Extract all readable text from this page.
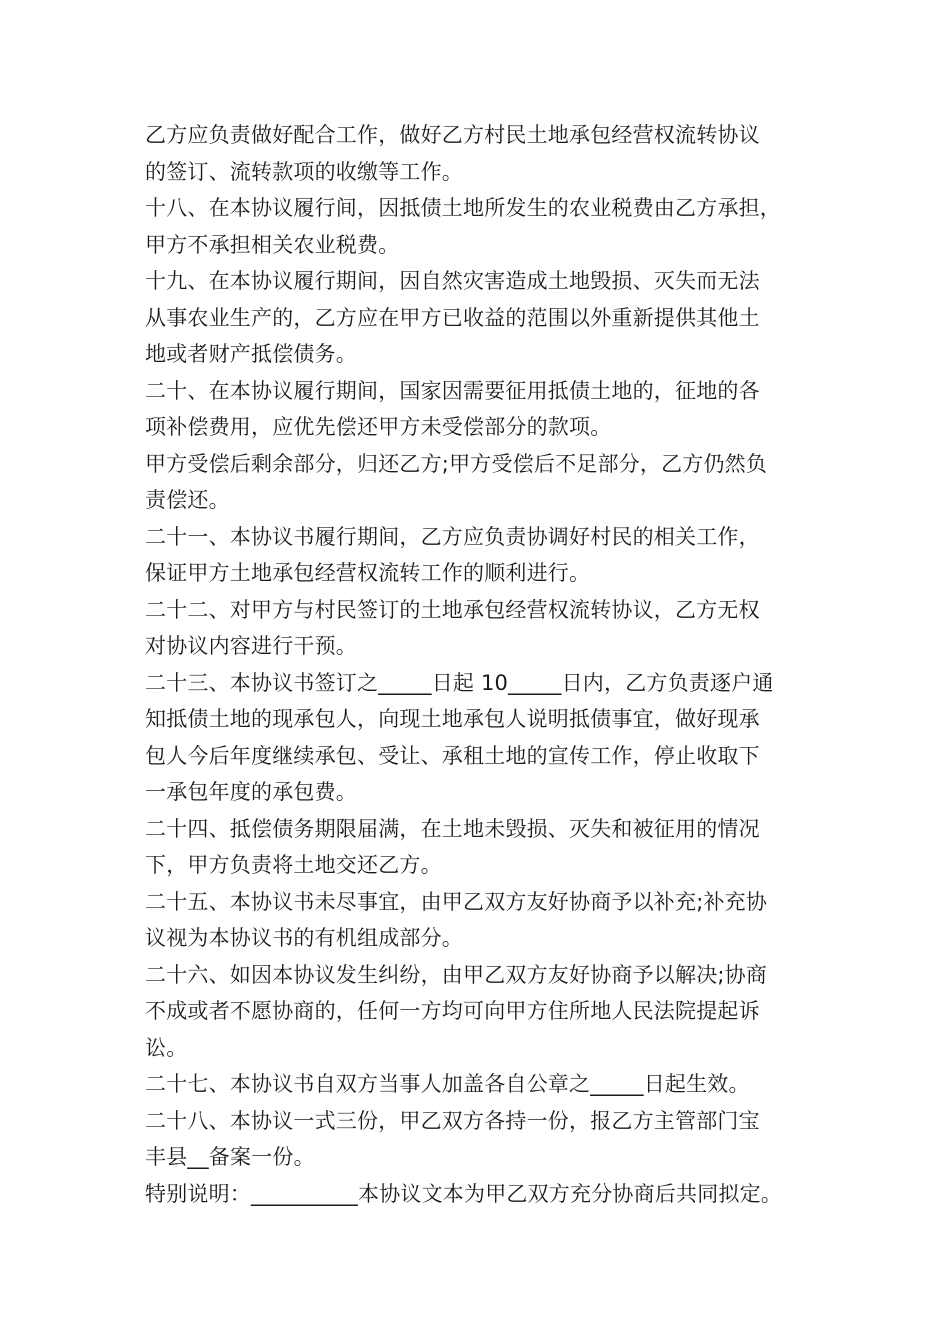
乙方应负责做好配合工作，做好乙方村民土地承包经营权流转协议
的签订、流转款项的收缴等工作。
十八、在本协议履行间，因抵债土地所发生的农业税费由乙方承担，
甲方不承担相关农业税费。
十九、在本协议履行期间，因自然灾害造成土地毁损、灭失而无法
从事农业生产的，乙方应在甲方已收益的范围以外重新提供其他土
地或者财产抵偿债务。
二十、在本协议履行期间，国家因需要征用抵债土地的，征地的各
项补偿费用，应优先偿还甲方未受偿部分的款项。
甲方受偿后剩余部分，归还乙方;甲方受偿后不足部分，乙方仍然负
责偿还。
二十一、本协议书履行期间，乙方应负责协调好村民的相关工作，
保证甲方土地承包经营权流转工作的顺利进行。
二十二、对甲方与村民签订的土地承包经营权流转协议，乙方无权
对协议内容进行干预。
二十三、本协议书签订之_____日起 10_____日内，乙方负责逐户通
知抵债土地的现承包人，向现土地承包人说明抵债事宜，做好现承
包人今后年度继续承包、受让、承租土地的宣传工作，停止收取下
一承包年度的承包费。
二十四、抵偿债务期限届满，在土地未毁损、灭失和被征用的情况
下，甲方负责将土地交还乙方。
二十五、本协议书未尽事宜，由甲乙双方友好协商予以补充;补充协
议视为本协议书的有机组成部分。
二十六、如因本协议发生纠纷，由甲乙双方友好协商予以解决;协商
不成或者不愿协商的，任何一方均可向甲方住所地人民法院提起诉
讼。
二十七、本协议书自双方当事人加盖各自公章之_____日起生效。
二十八、本协议一式三份，甲乙双方各持一份，报乙方主管部门宝
丰县__备案一份。
特别说明：__________本协议文本为甲乙双方充分协商后共同拟定。
